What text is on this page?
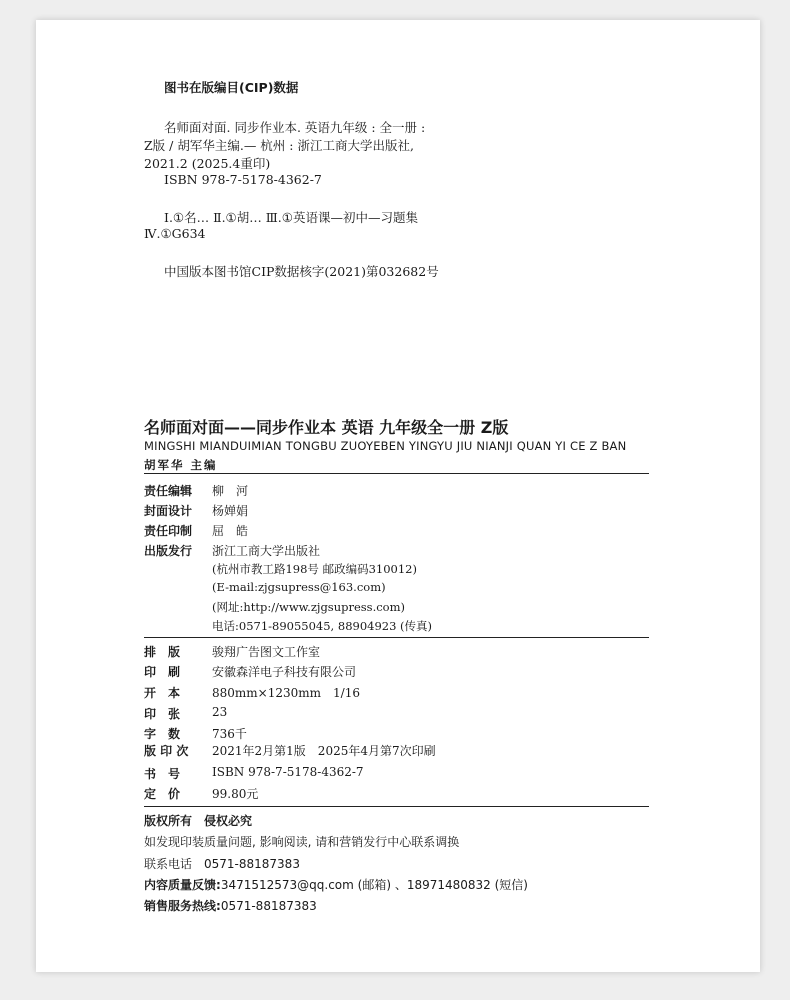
图书在版编目(CIP)数据
名师面对面. 同步作业本. 英语九年级 : 全一册 :
Z版 / 胡军华主编.— 杭州 : 浙江工商大学出版社,
2021.2 (2025.4重印)
ISBN 978-7-5178-4362-7
Ⅰ.①名… Ⅱ.①胡… Ⅲ.①英语课—初中—习题集
Ⅳ.①G634
中国版本图书馆CIP数据核字(2021)第032682号
名师面对面——同步作业本 英语 九年级全一册 Z版
MINGSHI MIANDUIMIAN TONGBU ZUOYEBEN YINGYU JIU NIANJI QUAN YI CE Z BAN
胡军华 主编
责任编辑 柳　河
封面设计 杨婵娟
责任印制 屈　皓
出版发行 浙江工商大学出版社
(杭州市教工路198号 邮政编码310012)
(E-mail:zjgsupress@163.com)
(网址:http://www.zjgsupress.com)
电话:0571-89055045, 88904923 (传真)
排　版	骏翔广告图文工作室
印　刷	安徽森洋电子科技有限公司
开　本	880mm×1230mm　1/16
印　张	23
字　数	736千
版 印 次 2021年2月第1版　2025年4月第7次印刷
书　号	ISBN 978-7-5178-4362-7
定　价	99.80元
版权所有　侵权必究
如发现印装质量问题, 影响阅读, 请和营销发行中心联系调换
联系电话　0571-88187383
内容质量反馈:3471512573@qq.com (邮箱) 、18971480832 (短信)
销售服务热线:0571-88187383
